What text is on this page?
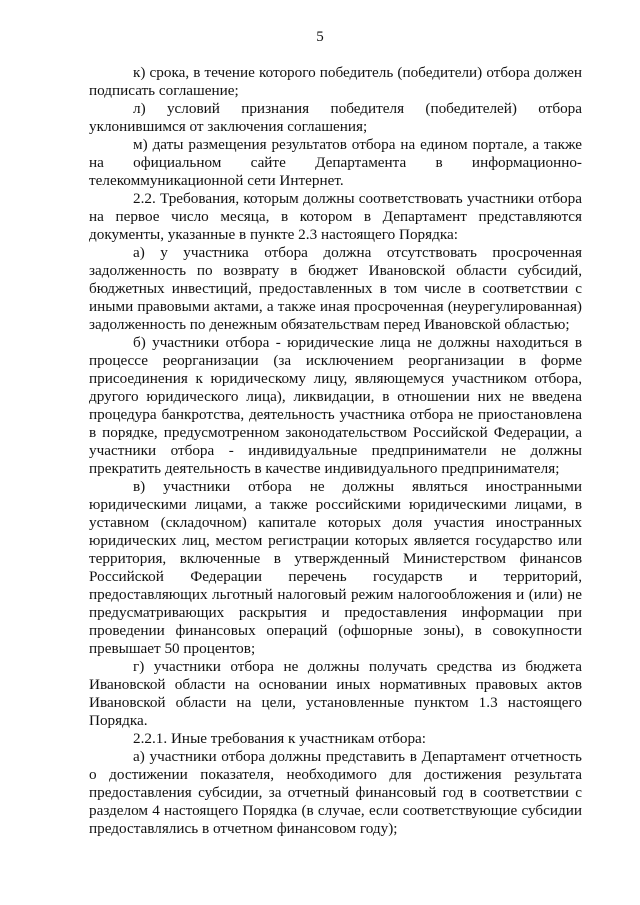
5

к) срока, в течение которого победитель (победители) отбора должен подписать соглашение;

л) условий признания победителя (победителей) отбора уклонившимся от заключения соглашения;

м) даты размещения результатов отбора на едином портале, а также на официальном сайте Департамента в информационно-телекоммуникационной сети Интернет.

2.2. Требования, которым должны соответствовать участники отбора на первое число месяца, в котором в Департамент представляются документы, указанные в пункте 2.3 настоящего Порядка:

а) у участника отбора должна отсутствовать просроченная задолженность по возврату в бюджет Ивановской области субсидий, бюджетных инвестиций, предоставленных в том числе в соответствии с иными правовыми актами, а также иная просроченная (неурегулированная) задолженность по денежным обязательствам перед Ивановской областью;

б) участники отбора - юридические лица не должны находиться в процессе реорганизации (за исключением реорганизации в форме присоединения к юридическому лицу, являющемуся участником отбора, другого юридического лица), ликвидации, в отношении них не введена процедура банкротства, деятельность участника отбора не приостановлена в порядке, предусмотренном законодательством Российской Федерации, а участники отбора - индивидуальные предприниматели не должны прекратить деятельность в качестве индивидуального предпринимателя;

в) участники отбора не должны являться иностранными юридическими лицами, а также российскими юридическими лицами, в уставном (складочном) капитале которых доля участия иностранных юридических лиц, местом регистрации которых является государство или территория, включенные в утвержденный Министерством финансов Российской Федерации перечень государств и территорий, предоставляющих льготный налоговый режим налогообложения и (или) не предусматривающих раскрытия и предоставления информации при проведении финансовых операций (офшорные зоны), в совокупности превышает 50 процентов;

г) участники отбора не должны получать средства из бюджета Ивановской области на основании иных нормативных правовых актов Ивановской области на цели, установленные пунктом 1.3 настоящего Порядка.

2.2.1. Иные требования к участникам отбора:

а) участники отбора должны представить в Департамент отчетность о достижении показателя, необходимого для достижения результата предоставления субсидии, за отчетный финансовый год в соответствии с разделом 4 настоящего Порядка (в случае, если соответствующие субсидии предоставлялись в отчетном финансовом году);
